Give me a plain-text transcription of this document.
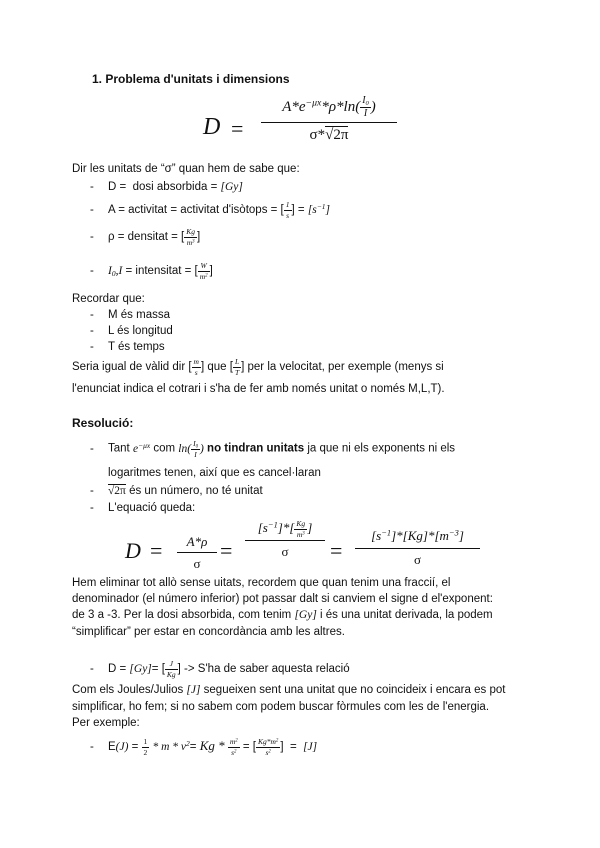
1. Problema d'unitats i dimensions
D =
$A*e^{-\mu x}*\rho*\ln( \frac{I_0}{I}$ )
σ*√2π
Dir les unitats de “σ” quan hem de sabe que:
- D =  dosi absorbida = [Gy]
- A = activitat = activitat d'isòtops = [ $\frac{1}{s}$ ] = $[s^{-1}]$
- ρ = densitat = [ $\frac{Kg}{m^3}$ ]
- $I_0,I$ = intensitat = [ $\frac{W}{m^2}$ ]
Recordar que:
- M és massa
- L és longitud
- T és temps
Seria igual de vàlid dir [ $\frac{m}{s}$ ] que [ $\frac{L}{T}$ ] per la velocitat, per exemple (menys si
l'enunciat indica el cotrari i s'ha de fer amb només unitat o només M,L,T).
Resolució:
- Tant $e^{-\mu x}$ com $\ln( \frac{I_0}{I}$ ) no tindran unitats ja que ni els exponents ni els
logaritmes tenen, així que es cancel·laran
- √2π és un número, no té unitat
- L'equació queda:
D =	A*ρ
σ
=
$[s^{-1}]*[ \frac{Kg}{m^3}$ ]
σ	=
$[s^{-1}]*[Kg]*[m^{-3}]$
σ
Hem eliminar tot allò sense uitats, recordem que quan tenim una fraccií, el
denominador (el número inferior) pot passar dalt si canviem el signe d el'exponent:
de 3 a -3. Per la dosi absorbida, com tenim [Gy] i és una unitat derivada, la podem
“simplificar” per estar en concordància amb les altres.
- D = [Gy]= [ $\frac{J}{Kg}$ ] -> S'ha de saber aquesta relació
Com els Joules/Julios [J] segueixen sent una unitat que no coincideix i encara es pot
simplificar, ho fem; si no sabem com podem buscar fòrmules com les de l'energia.
Per exemple:
- $E(J) = \frac{1}{2} * m * v^2= Kg * \frac{m^2}{s^2}$ = [ $\frac{Kg*m^2}{s^2}$ ]  =  [J]
